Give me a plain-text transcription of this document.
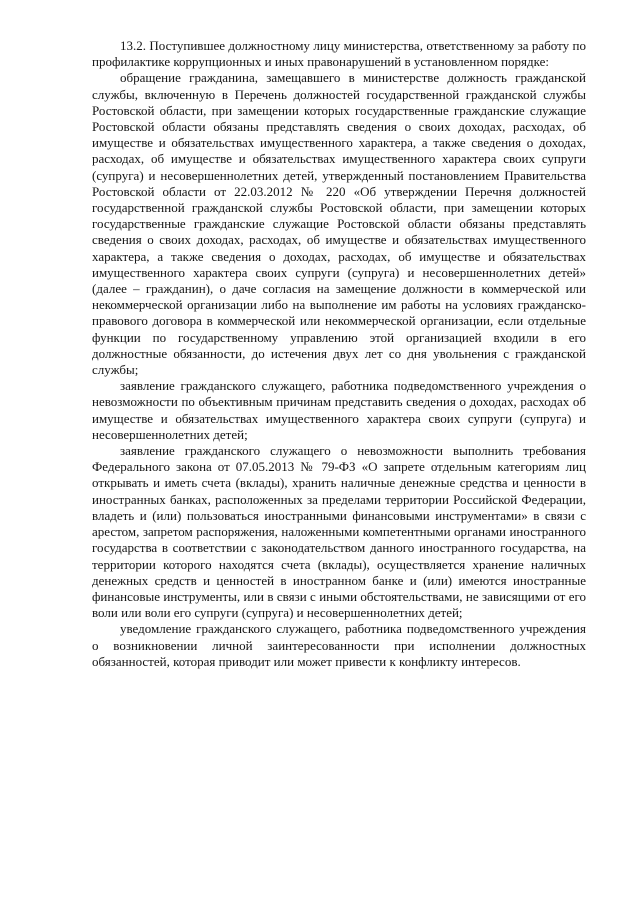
13.2. Поступившее должностному лицу министерства, ответственному за работу по профилактике коррупционных и иных правонарушений в установленном порядке:

обращение гражданина, замещавшего в министерстве должность гражданской службы, включенную в Перечень должностей государственной гражданской службы Ростовской области, при замещении которых государственные гражданские служащие Ростовской области обязаны представлять сведения о своих доходах, расходах, об имуществе и обязательствах имущественного характера, а также сведения о доходах, расходах, об имуществе и обязательствах имущественного характера своих супруги (супруга) и несовершеннолетних детей, утвержденный постановлением Правительства Ростовской области от 22.03.2012 № 220 «Об утверждении Перечня должностей государственной гражданской службы Ростовской области, при замещении которых государственные гражданские служащие Ростовской области обязаны представлять сведения о своих доходах, расходах, об имуществе и обязательствах имущественного характера, а также сведения о доходах, расходах, об имуществе и обязательствах имущественного характера своих супруги (супруга) и несовершеннолетних детей» (далее – гражданин), о даче согласия на замещение должности в коммерческой или некоммерческой организации либо на выполнение им работы на условиях гражданско-правового договора в коммерческой или некоммерческой организации, если отдельные функции по государственному управлению этой организацией входили в его должностные обязанности, до истечения двух лет со дня увольнения с гражданской службы;

заявление гражданского служащего, работника подведомственного учреждения о невозможности по объективным причинам представить сведения о доходах, расходах об имуществе и обязательствах имущественного характера своих супруги (супруга) и несовершеннолетних детей;

заявление гражданского служащего о невозможности выполнить требования Федерального закона от 07.05.2013 № 79-ФЗ «О запрете отдельным категориям лиц открывать и иметь счета (вклады), хранить наличные денежные средства и ценности в иностранных банках, расположенных за пределами территории Российской Федерации, владеть и (или) пользоваться иностранными финансовыми инструментами» в связи с арестом, запретом распоряжения, наложенными компетентными органами иностранного государства в соответствии с законодательством данного иностранного государства, на территории которого находятся счета (вклады), осуществляется хранение наличных денежных средств и ценностей в иностранном банке и (или) имеются иностранные финансовые инструменты, или в связи с иными обстоятельствами, не зависящими от его воли или воли его супруги (супруга) и несовершеннолетних детей;

уведомление гражданского служащего, работника подведомственного учреждения о возникновении личной заинтересованности при исполнении должностных обязанностей, которая приводит или может привести к конфликту интересов.
